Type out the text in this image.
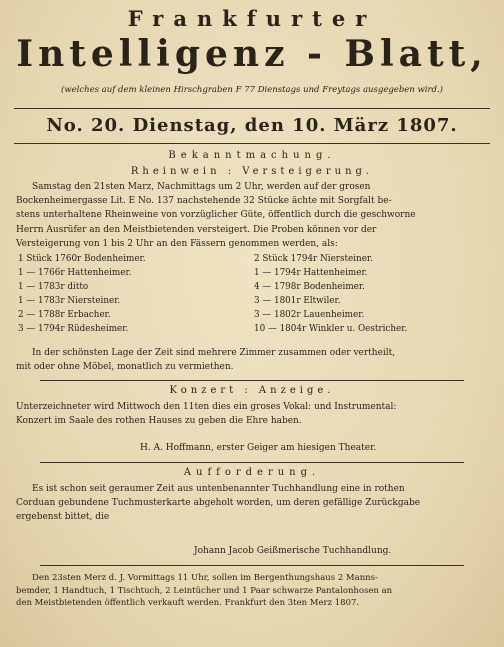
Frankfurter
Intelligenz - Blatt,
(welches auf dem kleinen Hirschgraben F 77 Dienstags und Freytags ausgegeben wird.)
No. 20. Dienstag, den 10. März 1807.
Bekanntmachung.
Rheinwein : Versteigerung.
Samstag den 21sten Marz, Nachmittags um 2 Uhr, werden auf der grosen
Bockenheimergasse Lit. E No. 137 nachstehende 32 Stücke ächte mit Sorgfalt be-
stens unterhaltene Rheinweine von vorzüglicher Güte, öffentlich durch die geschworne
Herrn Ausrüfer an den Meistbietenden versteigert. Die Proben können vor der
Versteigerung von 1 bis 2 Uhr an den Fässern genommen werden, als:
1 Stück 1760r Bodenheimer.
1 — 1766r Hattenheimer.
1 — 1783r ditto
1 — 1783r Niersteiner.
2 — 1788r Erbacher.
3 — 1794r Rüdesheimer.
2 Stück 1794r Niersteiner.
1 — 1794r Hattenheimer.
4 — 1798r Bodenheimer.
3 — 1801r Eltwiler.
3 — 1802r Lauenheimer.
10 — 1804r Winkler u. Oestricher.
In der schönsten Lage der Zeit sind mehrere Zimmer zusammen oder vertheilt,
mit oder ohne Möbel, monatlich zu vermiethen.
Konzert : Anzeige.
Unterzeichneter wird Mittwoch den 11ten dies ein groses Vokal: und Instrumental:
Konzert im Saale des rothen Hauses zu geben die Ehre haben.
H. A. Hoffmann, erster Geiger am hiesigen Theater.
Aufforderung.
Es ist schon seit geraumer Zeit aus untenbenannter Tuchhandlung eine in rothen
Corduan gebundene Tuchmusterkarte abgeholt worden, um deren gefällige Zurückgabe
ergebenst bittet, die
Johann Jacob Geißmerische Tuchhandlung.
Den 23sten Merz d. J. Vormittags 11 Uhr, sollen im Bergenthungshaus 2 Manns-
bemder, 1 Handtuch, 1 Tischtuch, 2 Leintücher und 1 Paar schwarze Pantalonhosen an
den Meistbietenden öffentlich verkauft werden. Frankfurt den 3ten Merz 1807.
